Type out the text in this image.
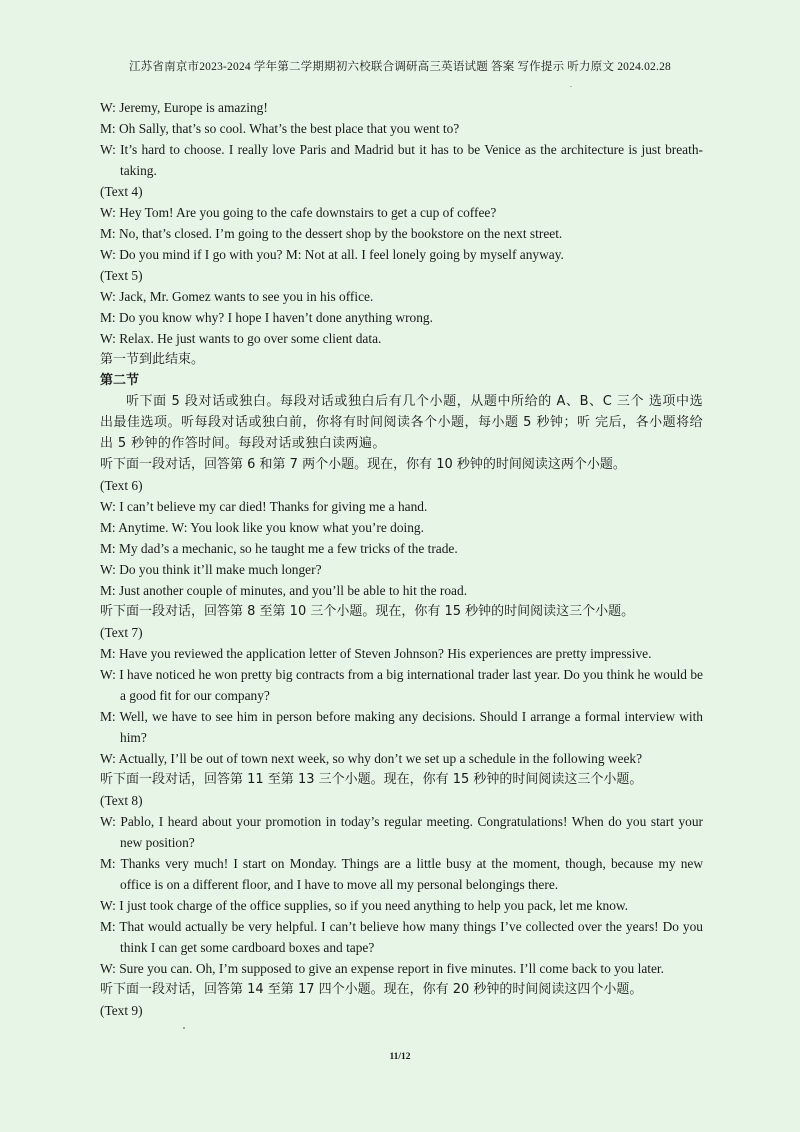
江苏省南京市2023-2024 学年第二学期期初六校联合调研高三英语试题 答案 写作提示 听力原文 2024.02.28
.
W: Jeremy, Europe is amazing!
M: Oh Sally, that’s so cool. What’s the best place that you went to?
W: It’s hard to choose. I really love Paris and Madrid but it has to be Venice as the architecture is just breath-taking.
(Text 4)
W: Hey Tom! Are you going to the cafe downstairs to get a cup of coffee?
M: No, that’s closed. I’m going to the dessert shop by the bookstore on the next street.
W: Do you mind if I go with you? M: Not at all. I feel lonely going by myself anyway.
(Text 5)
W: Jack, Mr. Gomez wants to see you in his office.
M: Do you know why? I hope I haven’t done anything wrong.
W: Relax. He just wants to go over some client data.
第一节到此结束。
第二节
听下面 5 段对话或独白。每段对话或独白后有几个小题，从题中所给的 A、B、C 三个 选项中选出最佳选项。听每段对话或独白前，你将有时间阅读各个小题，每小题 5 秒钟；听 完后，各小题将给出 5 秒钟的作答时间。每段对话或独白读两遍。
听下面一段对话，回答第 6 和第 7 两个小题。现在，你有 10 秒钟的时间阅读这两个小题。
(Text 6)
W: I can’t believe my car died! Thanks for giving me a hand.
M: Anytime. W: You look like you know what you’re doing.
M: My dad’s a mechanic, so he taught me a few tricks of the trade.
W: Do you think it’ll make much longer?
M: Just another couple of minutes, and you’ll be able to hit the road.
听下面一段对话，回答第 8 至第 10 三个小题。现在，你有 15 秒钟的时间阅读这三个小题。
(Text 7)
M: Have you reviewed the application letter of Steven Johnson? His experiences are pretty impressive.
W: I have noticed he won pretty big contracts from a big international trader last year. Do you think he would be a good fit for our company?
M: Well, we have to see him in person before making any decisions. Should I arrange a formal interview with him?
W: Actually, I’ll be out of town next week, so why don’t we set up a schedule in the following week?
听下面一段对话，回答第 11 至第 13 三个小题。现在，你有 15 秒钟的时间阅读这三个小题。
(Text 8)
W: Pablo, I heard about your promotion in today’s regular meeting. Congratulations! When do you start your new position?
M: Thanks very much! I start on Monday. Things are a little busy at the moment, though, because my new office is on a different floor, and I have to move all my personal belongings there.
W: I just took charge of the office supplies, so if you need anything to help you pack, let me know.
M: That would actually be very helpful. I can’t believe how many things I’ve collected over the years! Do you think I can get some cardboard boxes and tape?
W: Sure you can. Oh, I’m supposed to give an expense report in five minutes. I’ll come back to you later.
听下面一段对话，回答第 14 至第 17 四个小题。现在，你有 20 秒钟的时间阅读这四个小题。
(Text 9)
11/12
